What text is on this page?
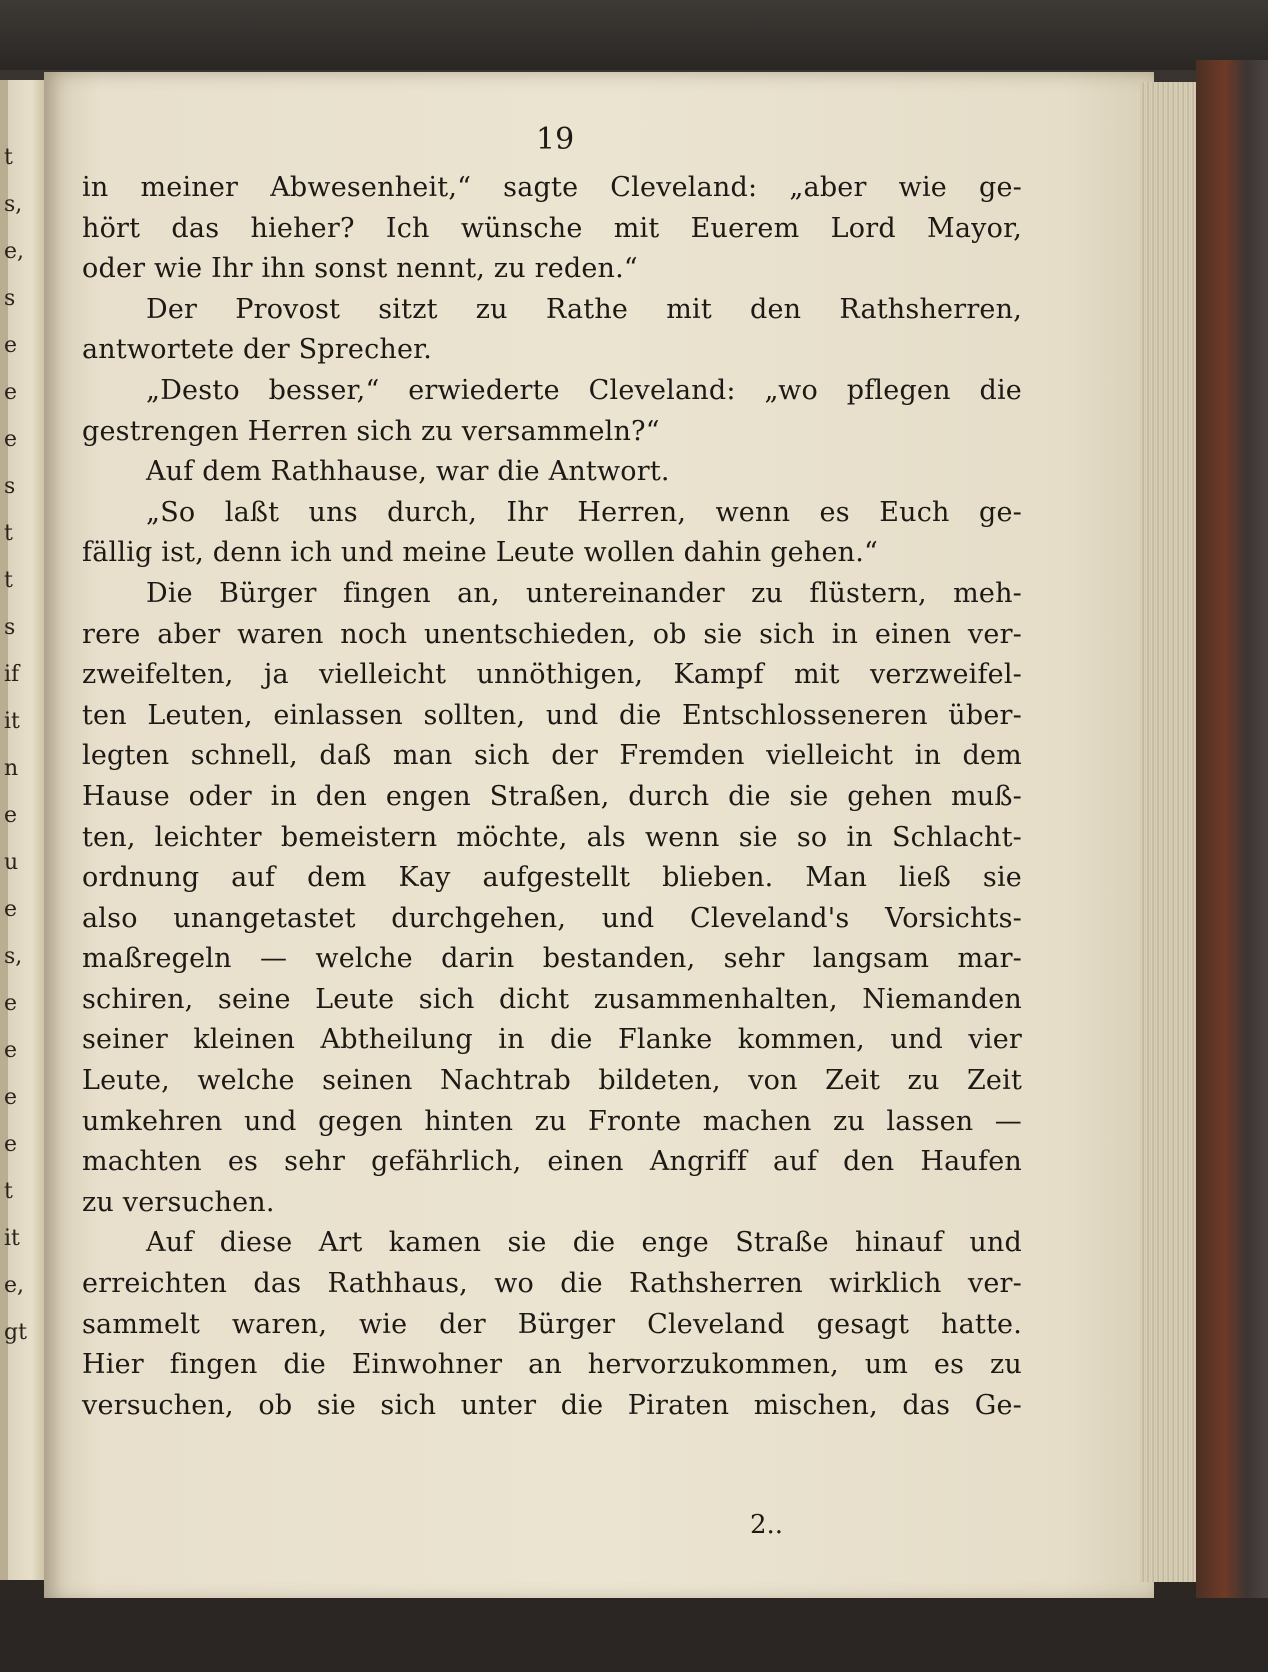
t
s,
e,
s
e
e
e
s
t
t
s
if
it
n
e
u
e
s,
e
e
e
e
t
it
e,
gt
19
in meiner Abwesenheit,“ sagte Cleveland: „aber wie ge-
hört das hieher? Ich wünsche mit Euerem Lord Mayor,
oder wie Ihr ihn sonst nennt, zu reden.“
Der Provost sitzt zu Rathe mit den Rathsherren,
antwortete der Sprecher.
„Desto besser,“ erwiederte Cleveland: „wo pflegen die
gestrengen Herren sich zu versammeln?“
Auf dem Rathhause, war die Antwort.
„So laßt uns durch, Ihr Herren, wenn es Euch ge-
fällig ist, denn ich und meine Leute wollen dahin gehen.“
Die Bürger fingen an, untereinander zu flüstern, meh-
rere aber waren noch unentschieden, ob sie sich in einen ver-
zweifelten, ja vielleicht unnöthigen, Kampf mit verzweifel-
ten Leuten, einlassen sollten, und die Entschlosseneren über-
legten schnell, daß man sich der Fremden vielleicht in dem
Hause oder in den engen Straßen, durch die sie gehen muß-
ten, leichter bemeistern möchte, als wenn sie so in Schlacht-
ordnung auf dem Kay aufgestellt blieben. Man ließ sie
also unangetastet durchgehen, und Cleveland's Vorsichts-
maßregeln — welche darin bestanden, sehr langsam mar-
schiren, seine Leute sich dicht zusammenhalten, Niemanden
seiner kleinen Abtheilung in die Flanke kommen, und vier
Leute, welche seinen Nachtrab bildeten, von Zeit zu Zeit
umkehren und gegen hinten zu Fronte machen zu lassen —
machten es sehr gefährlich, einen Angriff auf den Haufen
zu versuchen.
Auf diese Art kamen sie die enge Straße hinauf und
erreichten das Rathhaus, wo die Rathsherren wirklich ver-
sammelt waren, wie der Bürger Cleveland gesagt hatte.
Hier fingen die Einwohner an hervorzukommen, um es zu
versuchen, ob sie sich unter die Piraten mischen, das Ge-
2..
